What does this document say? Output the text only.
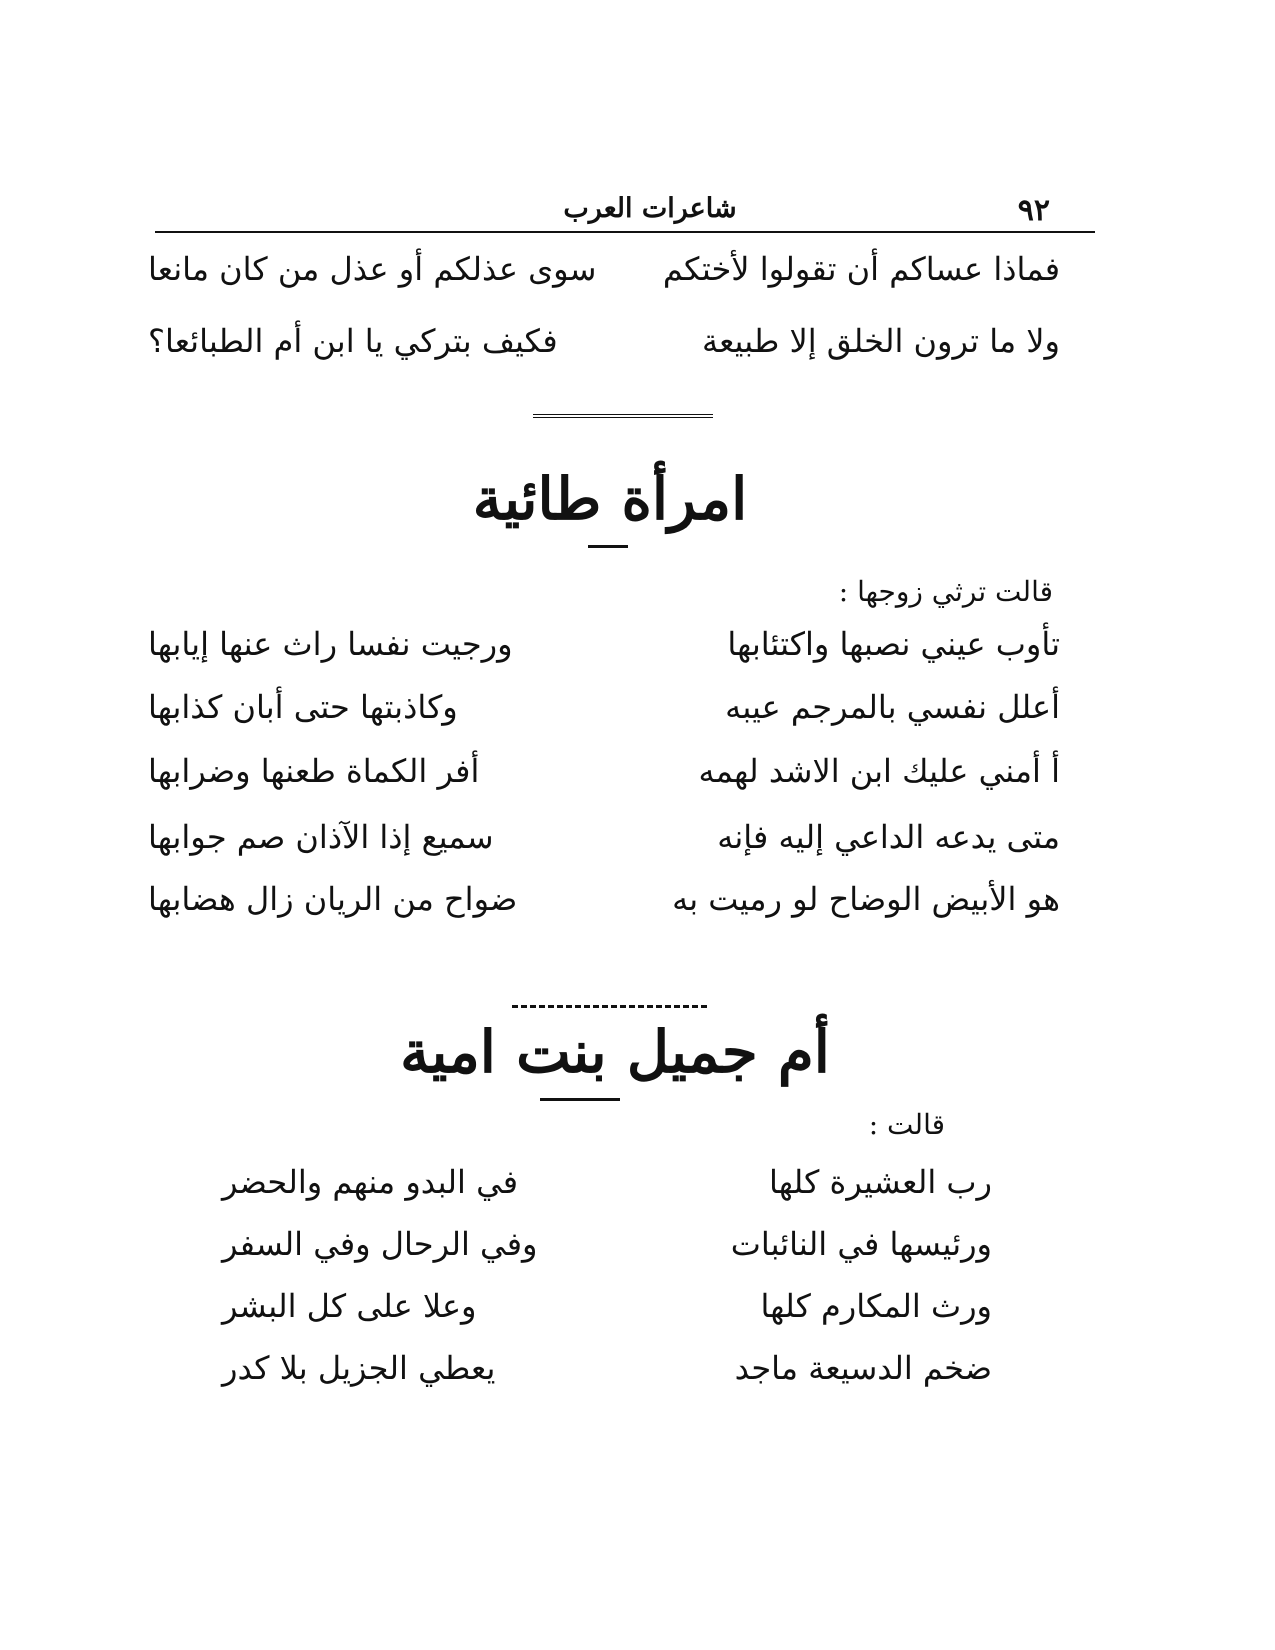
٩٢
شاعرات العرب
فماذا عساكم أن تقولوا لأختكم
سوى عذلكم أو عذل من كان مانعا
ولا ما ترون الخلق إلا طبيعة
فكيف بتركي يا ابن أم الطبائعا؟
امرأة طائية
قالت ترثي زوجها :
تأوب عيني نصبها واكتئابها
ورجيت نفسا راث عنها إيابها
أعلل نفسي بالمرجم عيبه
وكاذبتها حتى أبان كذابها
أ أمني عليك ابن الاشد لهمه
أفر الكماة طعنها وضرابها
متى يدعه الداعي إليه فإنه
سميع إذا الآذان صم جوابها
هو الأبيض الوضاح لو رميت به
ضواح من الريان زال هضابها
أم جميل بنت امية
قالت :
رب العشيرة كلها
في البدو منهم والحضر
ورئيسها في النائبات
وفي الرحال وفي السفر
ورث المكارم كلها
وعلا على كل البشر
ضخم الدسيعة ماجد
يعطي الجزيل بلا كدر
